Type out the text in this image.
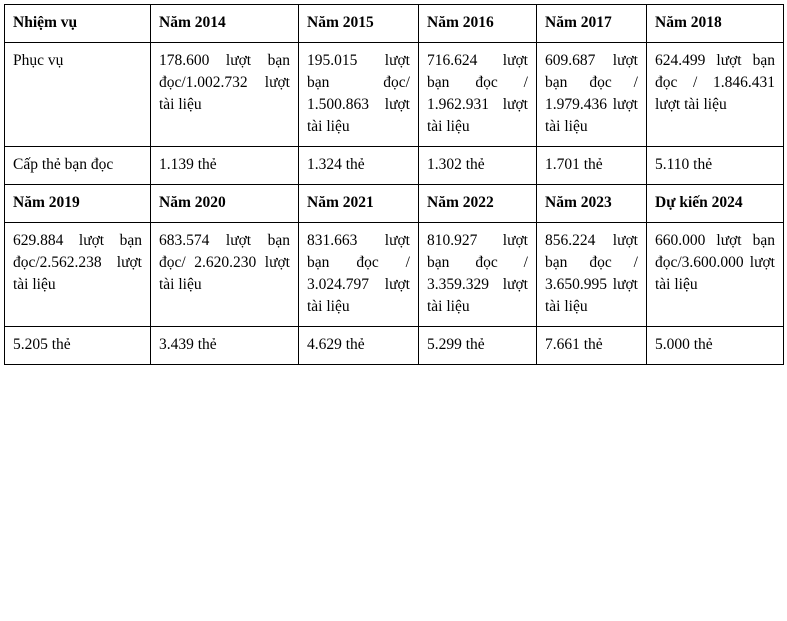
Nhiệm vụ	Năm 2014	Năm 2015	Năm 2016	Năm 2017	Năm 2018
Phục vụ	178.600 lượt bạn đọc/1.002.732 lượt tài liệu	195.015 lượt bạn đọc/ 1.500.863 lượt tài liệu	716.624 lượt bạn đọc / 1.962.931 lượt tài liệu	609.687 lượt bạn đọc / 1.979.436 lượt tài liệu	624.499 lượt bạn đọc / 1.846.431 lượt tài liệu
Cấp thẻ bạn đọc	1.139 thẻ	1.324 thẻ	1.302 thẻ	1.701 thẻ	5.110 thẻ
Năm 2019	Năm 2020	Năm 2021	Năm 2022	Năm 2023	Dự kiến 2024
629.884 lượt bạn đọc/2.562.238 lượt tài liệu	683.574 lượt bạn đọc/ 2.620.230 lượt tài liệu	831.663 lượt bạn đọc / 3.024.797 lượt tài liệu	810.927 lượt bạn đọc / 3.359.329 lượt tài liệu	856.224 lượt bạn đọc / 3.650.995 lượt tài liệu	660.000 lượt bạn đọc/3.600.000 lượt tài liệu
5.205 thẻ	3.439 thẻ	4.629 thẻ	5.299 thẻ	7.661 thẻ	5.000 thẻ
